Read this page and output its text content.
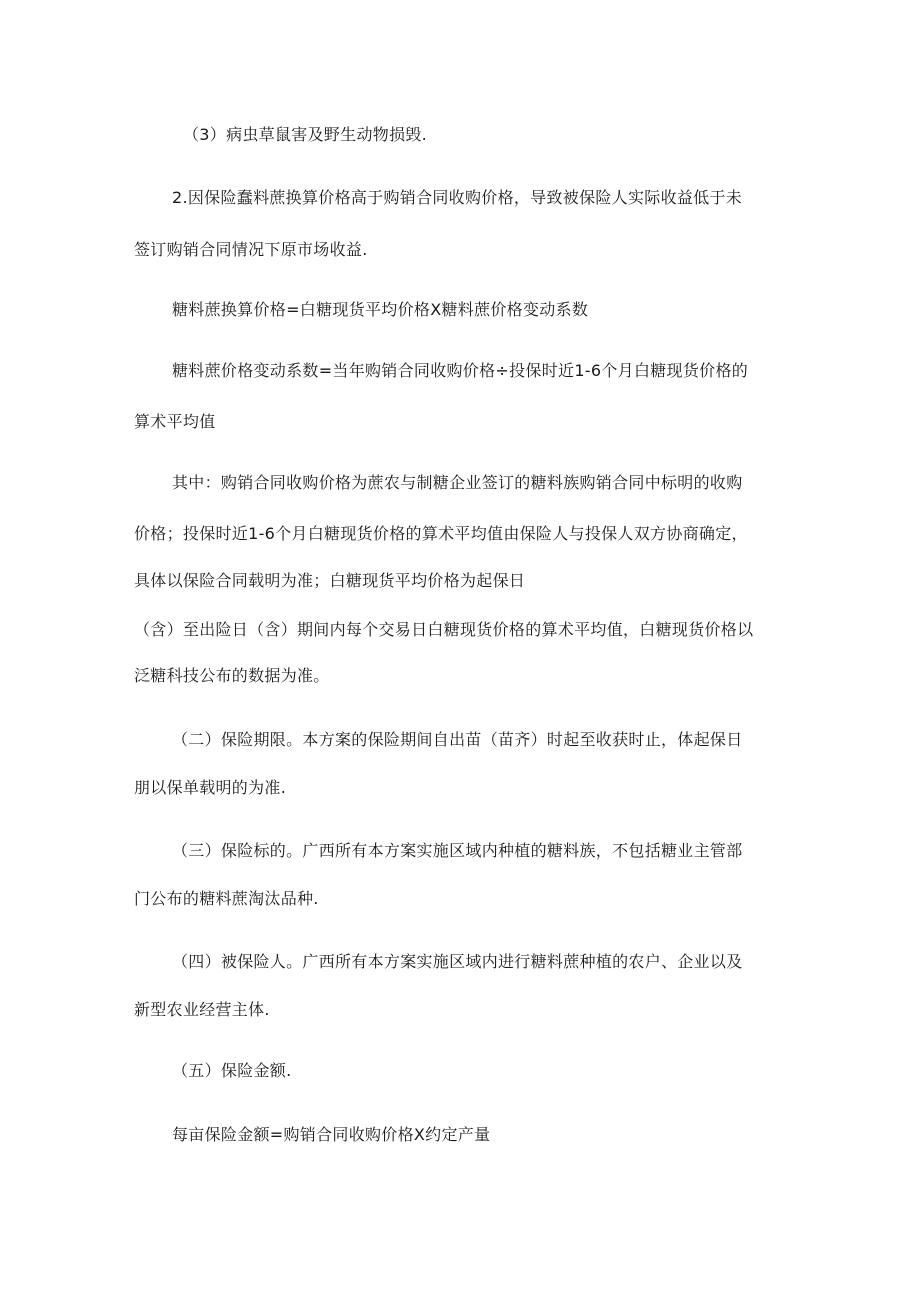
（3）病虫草鼠害及野生动物损毁.
2.因保险蠢料蔗换算价格高于购销合同收购价格，导致被保险人实际收益低于未
签订购销合同情况下原市场收益.
糖料蔗换算价格=白糖现货平均价格X糖料蔗价格变动系数
糖料蔗价格变动系数=当年购销合同收购价格÷投保时近1-6个月白糖现货价格的
算术平均值
其中：购销合同收购价格为蔗农与制糖企业签订的糖料族购销合同中标明的收购
价格；投保时近1-6个月白糖现货价格的算术平均值由保险人与投保人双方协商确定，
具体以保险合同载明为准；白糖现货平均价格为起保日
（含）至出险日（含）期间内每个交易日白糖现货价格的算术平均值，白糖现货价格以
泛糖科技公布的数据为准。
（二）保险期限。本方案的保险期间自出苗（苗齐）时起至收获时止，体起保日
朋以保单载明的为准.
（三）保险标的。广西所有本方案实施区域内种植的糖料族，不包括糖业主管部
门公布的糖料蔗淘汰品种.
（四）被保险人。广西所有本方案实施区域内进行糖料蔗种植的农户、企业以及
新型农业经营主体.
（五）保险金额.
每亩保险金额=购销合同收购价格X约定产量
